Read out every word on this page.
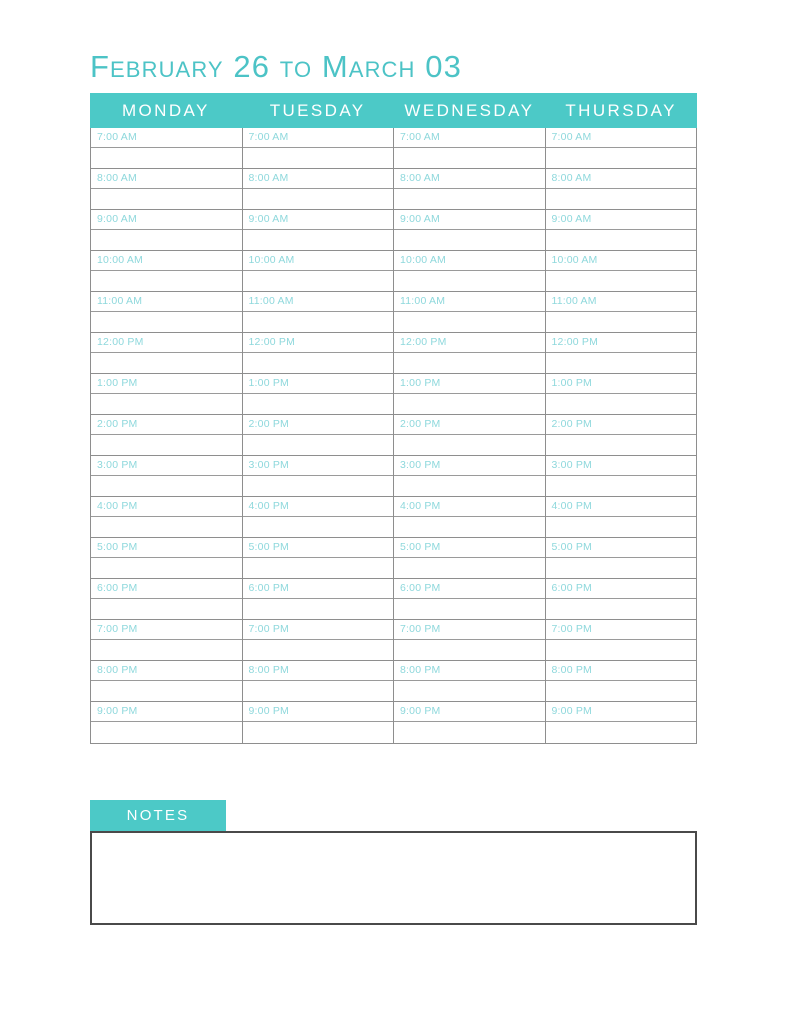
February 26 to March 03
MONDAY	TUESDAY	WEDNESDAY	THURSDAY
7:00 AM	7:00 AM	7:00 AM	7:00 AM
8:00 AM	8:00 AM	8:00 AM	8:00 AM
9:00 AM	9:00 AM	9:00 AM	9:00 AM
10:00 AM	10:00 AM	10:00 AM	10:00 AM
11:00 AM	11:00 AM	11:00 AM	11:00 AM
12:00 PM	12:00 PM	12:00 PM	12:00 PM
1:00 PM	1:00 PM	1:00 PM	1:00 PM
2:00 PM	2:00 PM	2:00 PM	2:00 PM
3:00 PM	3:00 PM	3:00 PM	3:00 PM
4:00 PM	4:00 PM	4:00 PM	4:00 PM
5:00 PM	5:00 PM	5:00 PM	5:00 PM
6:00 PM	6:00 PM	6:00 PM	6:00 PM
7:00 PM	7:00 PM	7:00 PM	7:00 PM
8:00 PM	8:00 PM	8:00 PM	8:00 PM
9:00 PM	9:00 PM	9:00 PM	9:00 PM
NOTES
